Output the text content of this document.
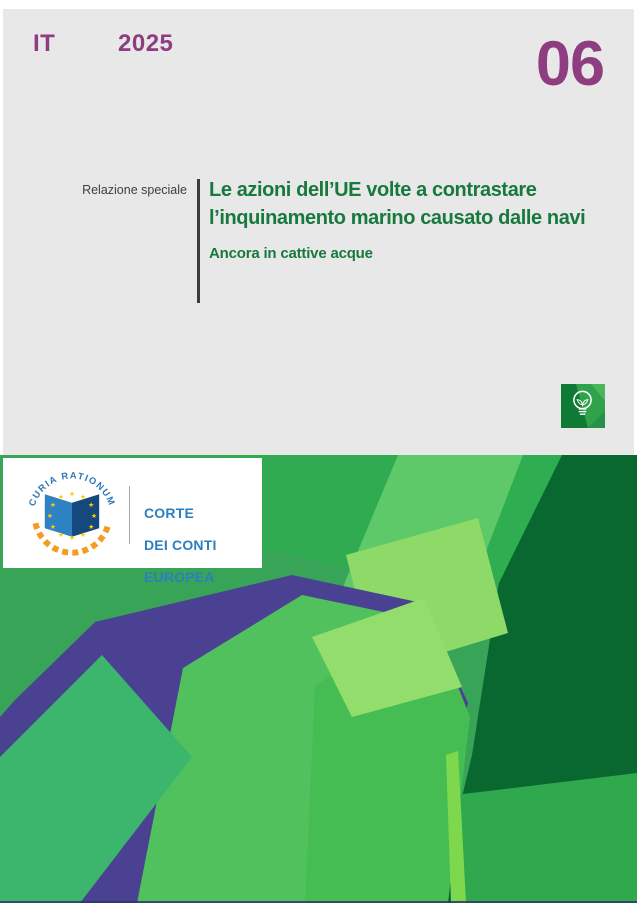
IT	2025	06
Relazione speciale Le azioni dell’UE volte a contrastare l’inquinamento marino causato dalle navi
Ancora in cattive acque
CURIA RATIONUM
★ ★
★
★
★
★
★
★
★
★
★
★

CORTE

DEI CONTI

EUROPEA
